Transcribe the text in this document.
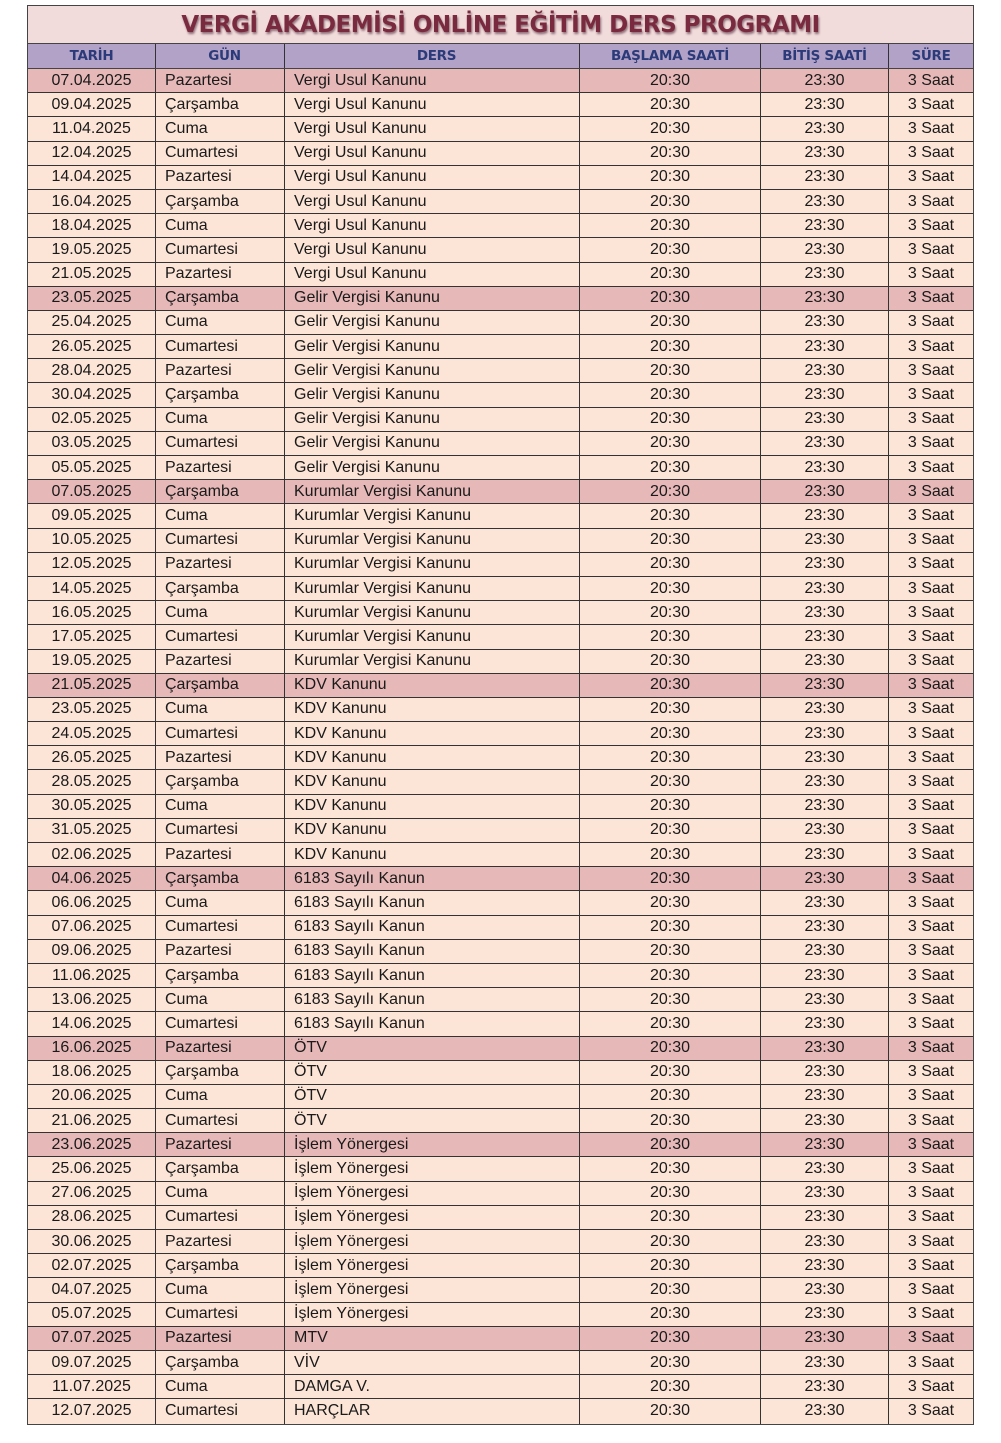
VERGİ AKADEMİSİ ONLİNE EĞİTİM DERS PROGRAMI
TARİH	GÜN	DERS	BAŞLAMA SAATİ	BİTİŞ SAATİ	SÜRE
07.04.2025	Pazartesi	Vergi Usul Kanunu	20:30	23:30	3 Saat
09.04.2025	Çarşamba	Vergi Usul Kanunu	20:30	23:30	3 Saat
11.04.2025	Cuma	Vergi Usul Kanunu	20:30	23:30	3 Saat
12.04.2025	Cumartesi	Vergi Usul Kanunu	20:30	23:30	3 Saat
14.04.2025	Pazartesi	Vergi Usul Kanunu	20:30	23:30	3 Saat
16.04.2025	Çarşamba	Vergi Usul Kanunu	20:30	23:30	3 Saat
18.04.2025	Cuma	Vergi Usul Kanunu	20:30	23:30	3 Saat
19.05.2025	Cumartesi	Vergi Usul Kanunu	20:30	23:30	3 Saat
21.05.2025	Pazartesi	Vergi Usul Kanunu	20:30	23:30	3 Saat
23.05.2025	Çarşamba	Gelir Vergisi Kanunu	20:30	23:30	3 Saat
25.04.2025	Cuma	Gelir Vergisi Kanunu	20:30	23:30	3 Saat
26.05.2025	Cumartesi	Gelir Vergisi Kanunu	20:30	23:30	3 Saat
28.04.2025	Pazartesi	Gelir Vergisi Kanunu	20:30	23:30	3 Saat
30.04.2025	Çarşamba	Gelir Vergisi Kanunu	20:30	23:30	3 Saat
02.05.2025	Cuma	Gelir Vergisi Kanunu	20:30	23:30	3 Saat
03.05.2025	Cumartesi	Gelir Vergisi Kanunu	20:30	23:30	3 Saat
05.05.2025	Pazartesi	Gelir Vergisi Kanunu	20:30	23:30	3 Saat
07.05.2025	Çarşamba	Kurumlar Vergisi Kanunu	20:30	23:30	3 Saat
09.05.2025	Cuma	Kurumlar Vergisi Kanunu	20:30	23:30	3 Saat
10.05.2025	Cumartesi	Kurumlar Vergisi Kanunu	20:30	23:30	3 Saat
12.05.2025	Pazartesi	Kurumlar Vergisi Kanunu	20:30	23:30	3 Saat
14.05.2025	Çarşamba	Kurumlar Vergisi Kanunu	20:30	23:30	3 Saat
16.05.2025	Cuma	Kurumlar Vergisi Kanunu	20:30	23:30	3 Saat
17.05.2025	Cumartesi	Kurumlar Vergisi Kanunu	20:30	23:30	3 Saat
19.05.2025	Pazartesi	Kurumlar Vergisi Kanunu	20:30	23:30	3 Saat
21.05.2025	Çarşamba	KDV Kanunu	20:30	23:30	3 Saat
23.05.2025	Cuma	KDV Kanunu	20:30	23:30	3 Saat
24.05.2025	Cumartesi	KDV Kanunu	20:30	23:30	3 Saat
26.05.2025	Pazartesi	KDV Kanunu	20:30	23:30	3 Saat
28.05.2025	Çarşamba	KDV Kanunu	20:30	23:30	3 Saat
30.05.2025	Cuma	KDV Kanunu	20:30	23:30	3 Saat
31.05.2025	Cumartesi	KDV Kanunu	20:30	23:30	3 Saat
02.06.2025	Pazartesi	KDV Kanunu	20:30	23:30	3 Saat
04.06.2025	Çarşamba	6183 Sayılı Kanun	20:30	23:30	3 Saat
06.06.2025	Cuma	6183 Sayılı Kanun	20:30	23:30	3 Saat
07.06.2025	Cumartesi	6183 Sayılı Kanun	20:30	23:30	3 Saat
09.06.2025	Pazartesi	6183 Sayılı Kanun	20:30	23:30	3 Saat
11.06.2025	Çarşamba	6183 Sayılı Kanun	20:30	23:30	3 Saat
13.06.2025	Cuma	6183 Sayılı Kanun	20:30	23:30	3 Saat
14.06.2025	Cumartesi	6183 Sayılı Kanun	20:30	23:30	3 Saat
16.06.2025	Pazartesi	ÖTV	20:30	23:30	3 Saat
18.06.2025	Çarşamba	ÖTV	20:30	23:30	3 Saat
20.06.2025	Cuma	ÖTV	20:30	23:30	3 Saat
21.06.2025	Cumartesi	ÖTV	20:30	23:30	3 Saat
23.06.2025	Pazartesi	İşlem Yönergesi	20:30	23:30	3 Saat
25.06.2025	Çarşamba	İşlem Yönergesi	20:30	23:30	3 Saat
27.06.2025	Cuma	İşlem Yönergesi	20:30	23:30	3 Saat
28.06.2025	Cumartesi	İşlem Yönergesi	20:30	23:30	3 Saat
30.06.2025	Pazartesi	İşlem Yönergesi	20:30	23:30	3 Saat
02.07.2025	Çarşamba	İşlem Yönergesi	20:30	23:30	3 Saat
04.07.2025	Cuma	İşlem Yönergesi	20:30	23:30	3 Saat
05.07.2025	Cumartesi	İşlem Yönergesi	20:30	23:30	3 Saat
07.07.2025	Pazartesi	MTV	20:30	23:30	3 Saat
09.07.2025	Çarşamba	VİV	20:30	23:30	3 Saat
11.07.2025	Cuma	DAMGA V.	20:30	23:30	3 Saat
12.07.2025	Cumartesi	HARÇLAR	20:30	23:30	3 Saat
